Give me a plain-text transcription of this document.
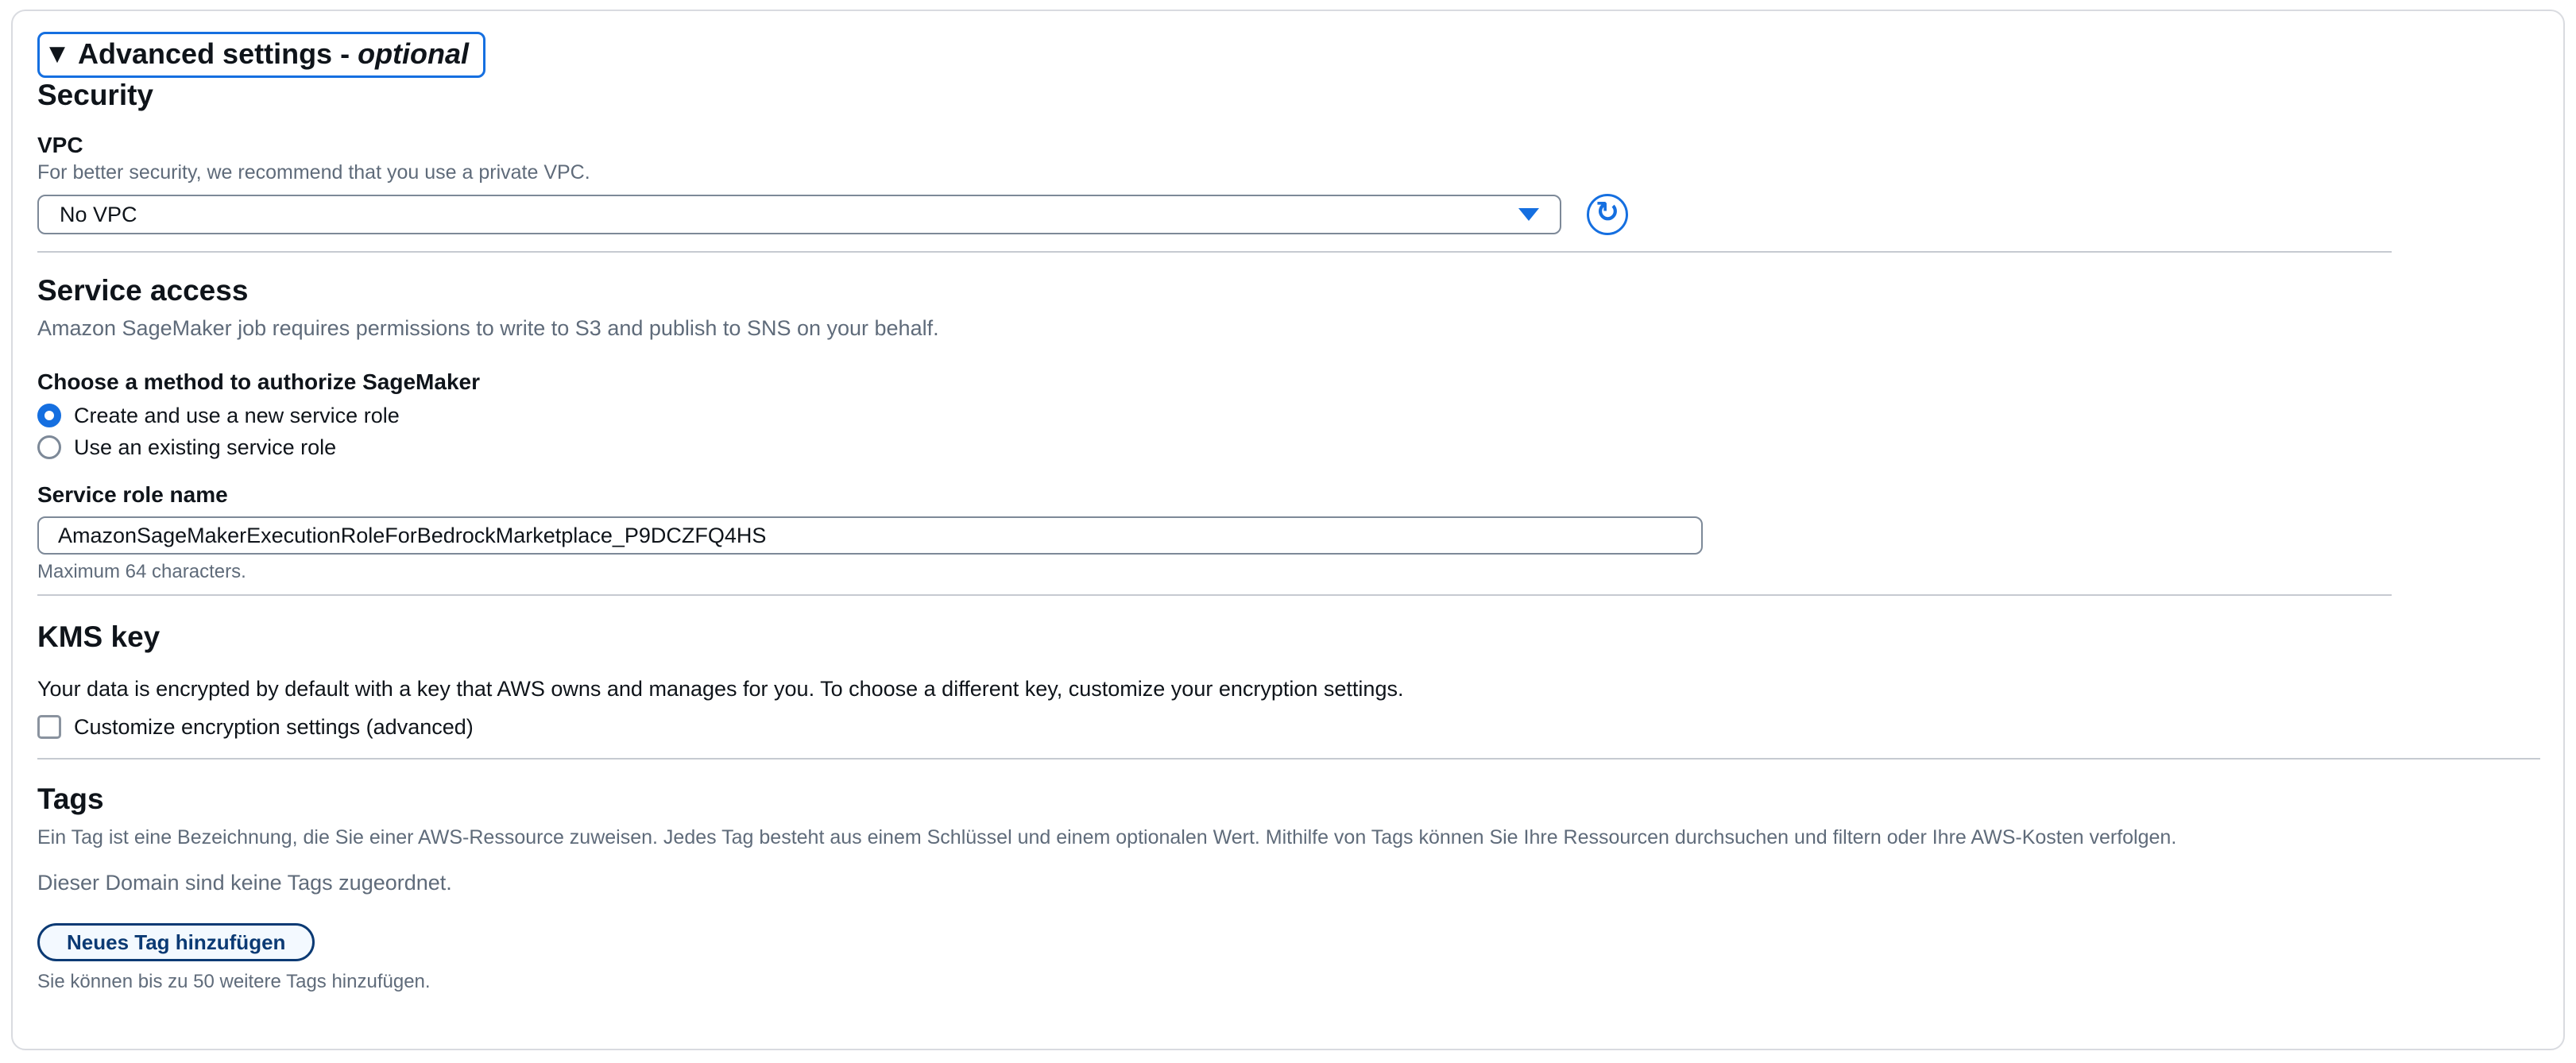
▼ Advanced settings - optional
Security
VPC
For better security, we recommend that you use a private VPC.
No VPC	↻
Service access
Amazon SageMaker job requires permissions to write to S3 and publish to SNS on your behalf.
Choose a method to authorize SageMaker
Create and use a new service role
Use an existing service role
Service role name
AmazonSageMakerExecutionRoleForBedrockMarketplace_P9DCZFQ4HS
Maximum 64 characters.
KMS key
Your data is encrypted by default with a key that AWS owns and manages for you. To choose a different key, customize your encryption settings.
Customize encryption settings (advanced)
Tags
Ein Tag ist eine Bezeichnung, die Sie einer AWS-Ressource zuweisen. Jedes Tag besteht aus einem Schlüssel und einem optionalen Wert. Mithilfe von Tags können Sie Ihre Ressourcen durchsuchen und filtern oder Ihre AWS-Kosten verfolgen.
Dieser Domain sind keine Tags zugeordnet.
Neues Tag hinzufügen
Sie können bis zu 50 weitere Tags hinzufügen.
